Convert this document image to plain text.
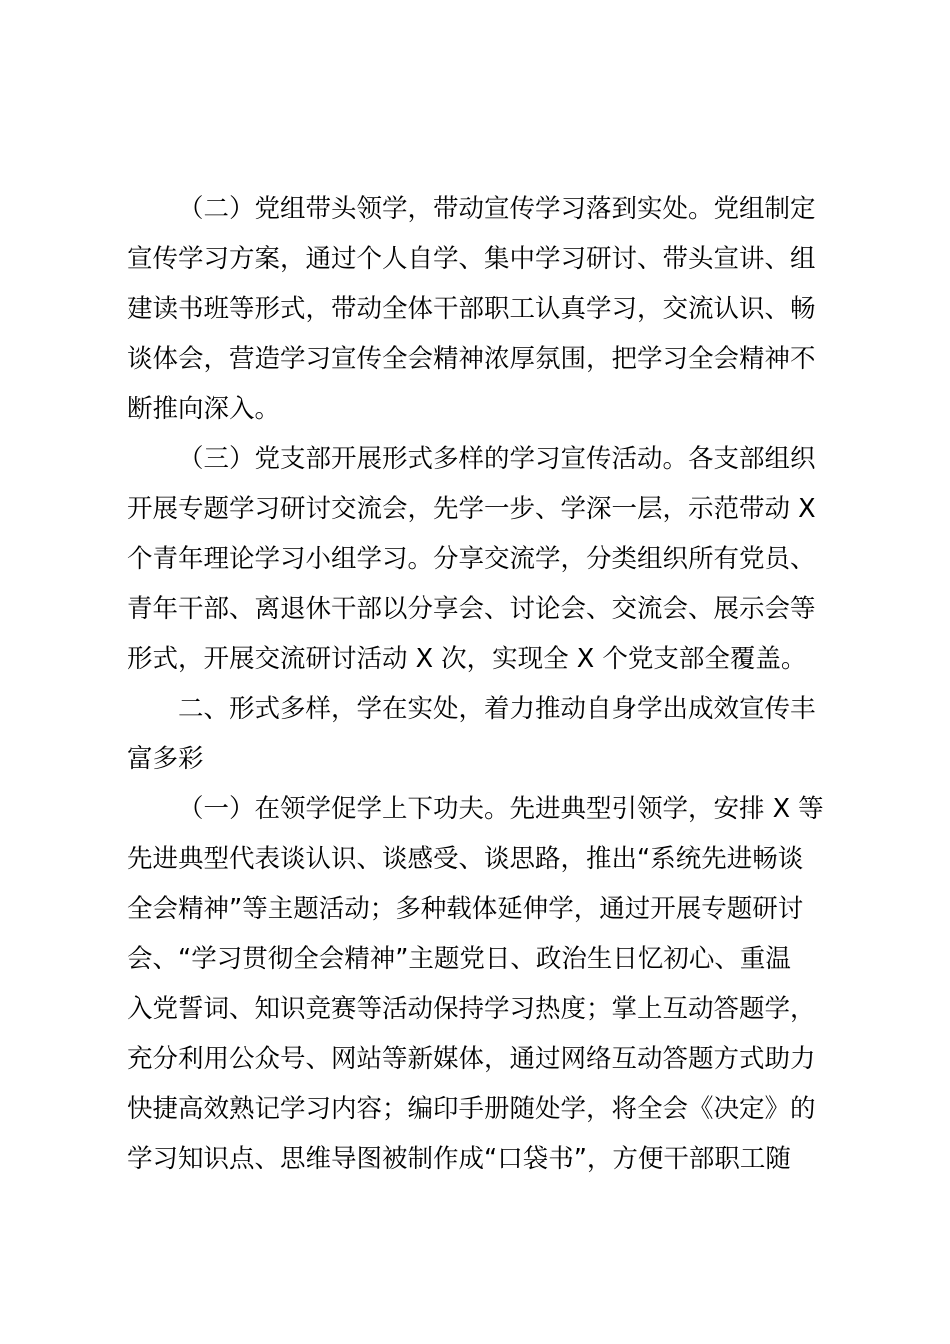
（二）党组带头领学，带动宣传学习落到实处。党组制定
宣传学习方案，通过个人自学、集中学习研讨、带头宣讲、组
建读书班等形式，带动全体干部职工认真学习，交流认识、畅
谈体会，营造学习宣传全会精神浓厚氛围，把学习全会精神不
断推向深入。
（三）党支部开展形式多样的学习宣传活动。各支部组织
开展专题学习研讨交流会，先学一步、学深一层，示范带动 X
个青年理论学习小组学习。分享交流学，分类组织所有党员、
青年干部、离退休干部以分享会、讨论会、交流会、展示会等
形式，开展交流研讨活动 X 次，实现全 X 个党支部全覆盖。
二、形式多样，学在实处，着力推动自身学出成效宣传丰
富多彩
（一）在领学促学上下功夫。先进典型引领学，安排 X 等
先进典型代表谈认识、谈感受、谈思路，推出“系统先进畅谈
全会精神”等主题活动；多种载体延伸学，通过开展专题研讨
会、“学习贯彻全会精神”主题党日、政治生日忆初心、重温
入党誓词、知识竞赛等活动保持学习热度；掌上互动答题学，
充分利用公众号、网站等新媒体，通过网络互动答题方式助力
快捷高效熟记学习内容；编印手册随处学，将全会《决定》的
学习知识点、思维导图被制作成“口袋书”，方便干部职工随
